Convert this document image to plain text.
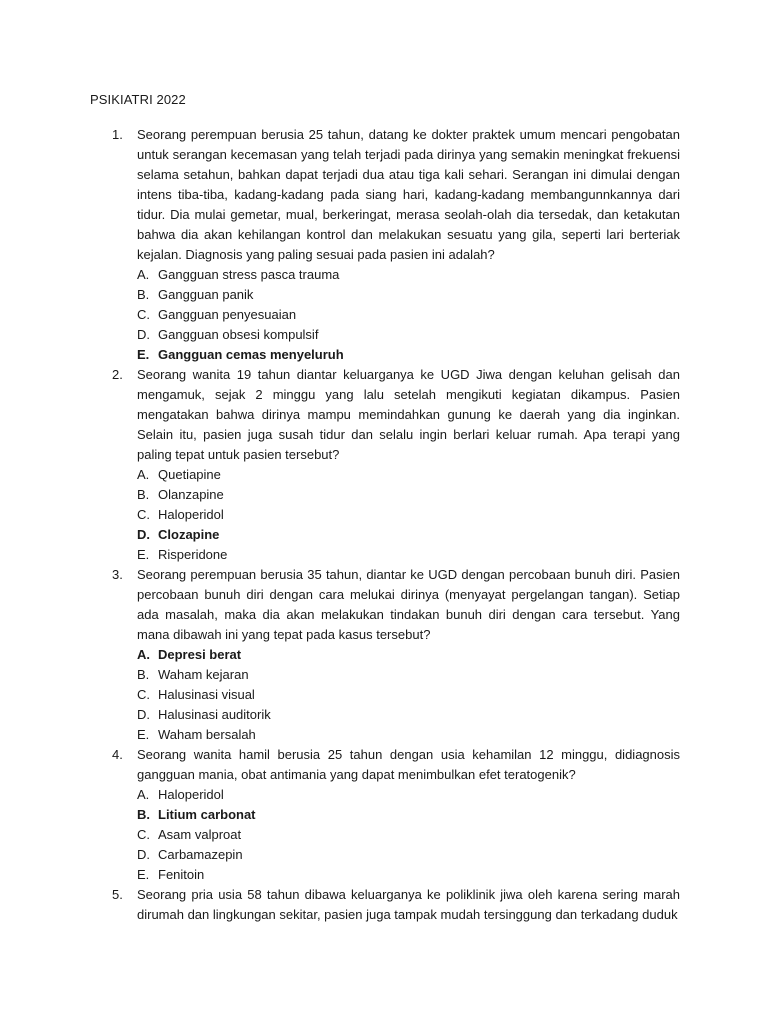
PSIKIATRI 2022
1. Seorang perempuan berusia 25 tahun, datang ke dokter praktek umum mencari pengobatan untuk serangan kecemasan yang telah terjadi pada dirinya yang semakin meningkat frekuensi selama setahun, bahkan dapat terjadi dua atau tiga kali sehari. Serangan ini dimulai dengan intens tiba-tiba, kadang-kadang pada siang hari, kadang-kadang membangunnkannya dari tidur. Dia mulai gemetar, mual, berkeringat, merasa seolah-olah dia tersedak, dan ketakutan bahwa dia akan kehilangan kontrol dan melakukan sesuatu yang gila, seperti lari berteriak kejalan. Diagnosis yang paling sesuai pada pasien ini adalah?

A. Gangguan stress pasca trauma
B. Gangguan panik
C. Gangguan penyesuaian
D. Gangguan obsesi kompulsif
E. Gangguan cemas menyeluruh
2. Seorang wanita 19 tahun diantar keluarganya ke UGD Jiwa dengan keluhan gelisah dan mengamuk, sejak 2 minggu yang lalu setelah mengikuti kegiatan dikampus. Pasien mengatakan bahwa dirinya mampu memindahkan gunung ke daerah yang dia inginkan. Selain itu, pasien juga susah tidur dan selalu ingin berlari keluar rumah. Apa terapi yang paling tepat untuk pasien tersebut?

A. Quetiapine
B. Olanzapine
C. Haloperidol
D. Clozapine
E. Risperidone
3. Seorang perempuan berusia 35 tahun, diantar ke UGD dengan percobaan bunuh diri. Pasien percobaan bunuh diri dengan cara melukai dirinya (menyayat pergelangan tangan). Setiap ada masalah, maka dia akan melakukan tindakan bunuh diri dengan cara tersebut. Yang mana dibawah ini yang tepat pada kasus tersebut?

A. Depresi berat
B. Waham kejaran
C. Halusinasi visual
D. Halusinasi auditorik
E. Waham bersalah
4. Seorang wanita hamil berusia 25 tahun dengan usia kehamilan 12 minggu, didiagnosis gangguan mania, obat antimania yang dapat menimbulkan efet teratogenik?

A. Haloperidol
B. Litium carbonat
C. Asam valproat
D. Carbamazepin
E. Fenitoin
5. Seorang pria usia 58 tahun dibawa keluarganya ke poliklinik jiwa oleh karena sering marah dirumah dan lingkungan sekitar, pasien juga tampak mudah tersinggung dan terkadang duduk
